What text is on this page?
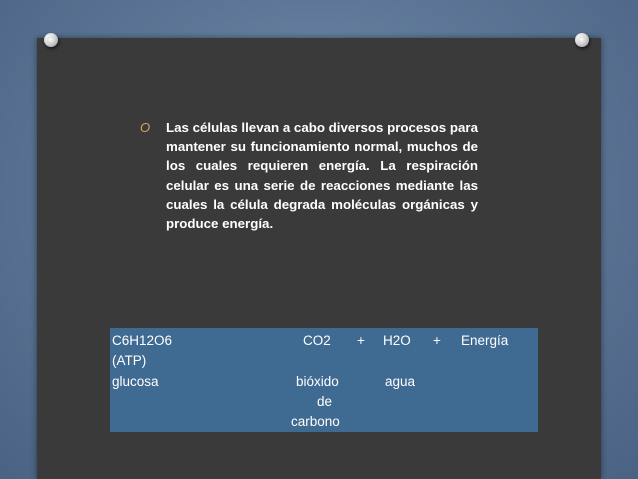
O Las células llevan a cabo diversos procesos para mantener su funcionamiento normal, muchos de los cuales requieren energía. La respiración celular es una serie de reacciones mediante las cuales la célula degrada moléculas orgánicas y produce energía.
C6H12O6
(ATP)
glucosa
CO2 + H2O + Energía
bióxido
de
carbono
agua
